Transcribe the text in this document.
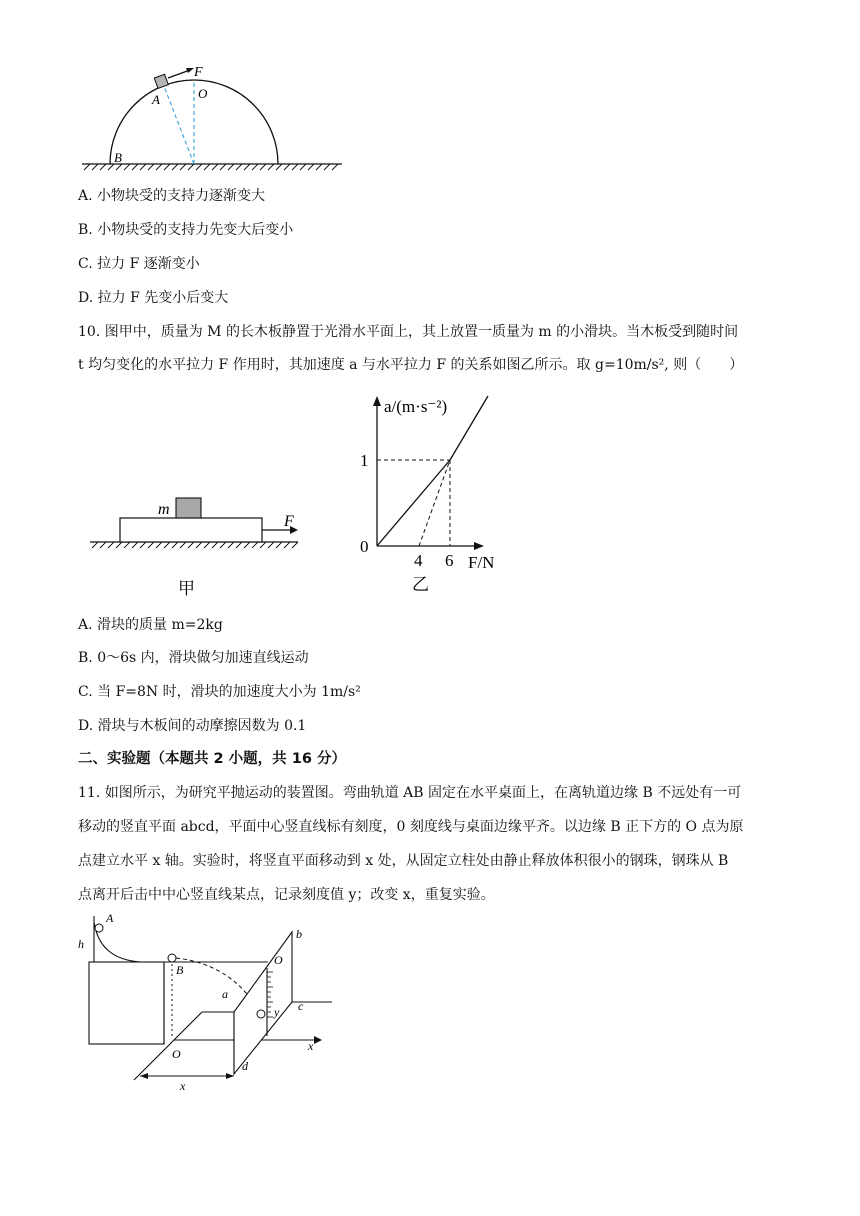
F
A	O
B
A. 小物块受的支持力逐渐变大
B. 小物块受的支持力先变大后变小
C. 拉力 F 逐渐变小
D. 拉力 F 先变小后变大
10. 图甲中，质量为 M 的长木板静置于光滑水平面上，其上放置一质量为 m 的小滑块。当木板受到随时间
t 均匀变化的水平拉力 F 作用时，其加速度 a 与水平拉力 F 的关系如图乙所示。取 g=10m/s², 则（　　）
m
F
甲
a/(m·s⁻²)
F/N
0
1
4 6
乙
A. 滑块的质量 m=2kg
B. 0～6s 内，滑块做匀加速直线运动
C. 当 F=8N 时，滑块的加速度大小为 1m/s²
D. 滑块与木板间的动摩擦因数为 0.1
二、实验题（本题共 2 小题，共 16 分）
11. 如图所示，为研究平抛运动的装置图。弯曲轨道 AB 固定在水平桌面上，在离轨道边缘 B 不远处有一可
移动的竖直平面 abcd，平面中心竖直线标有刻度，0 刻度线与桌面边缘平齐。以边缘 B 正下方的 O 点为原
点建立水平 x 轴。实验时，将竖直平面移动到 x 处，从固定立柱处由静止释放体积很小的钢珠，钢珠从 B
点离开后击中中心竖直线某点，记录刻度值 y；改变 x，重复实验。
A
h
B
O
O
a
b
c
d
y
x
x
